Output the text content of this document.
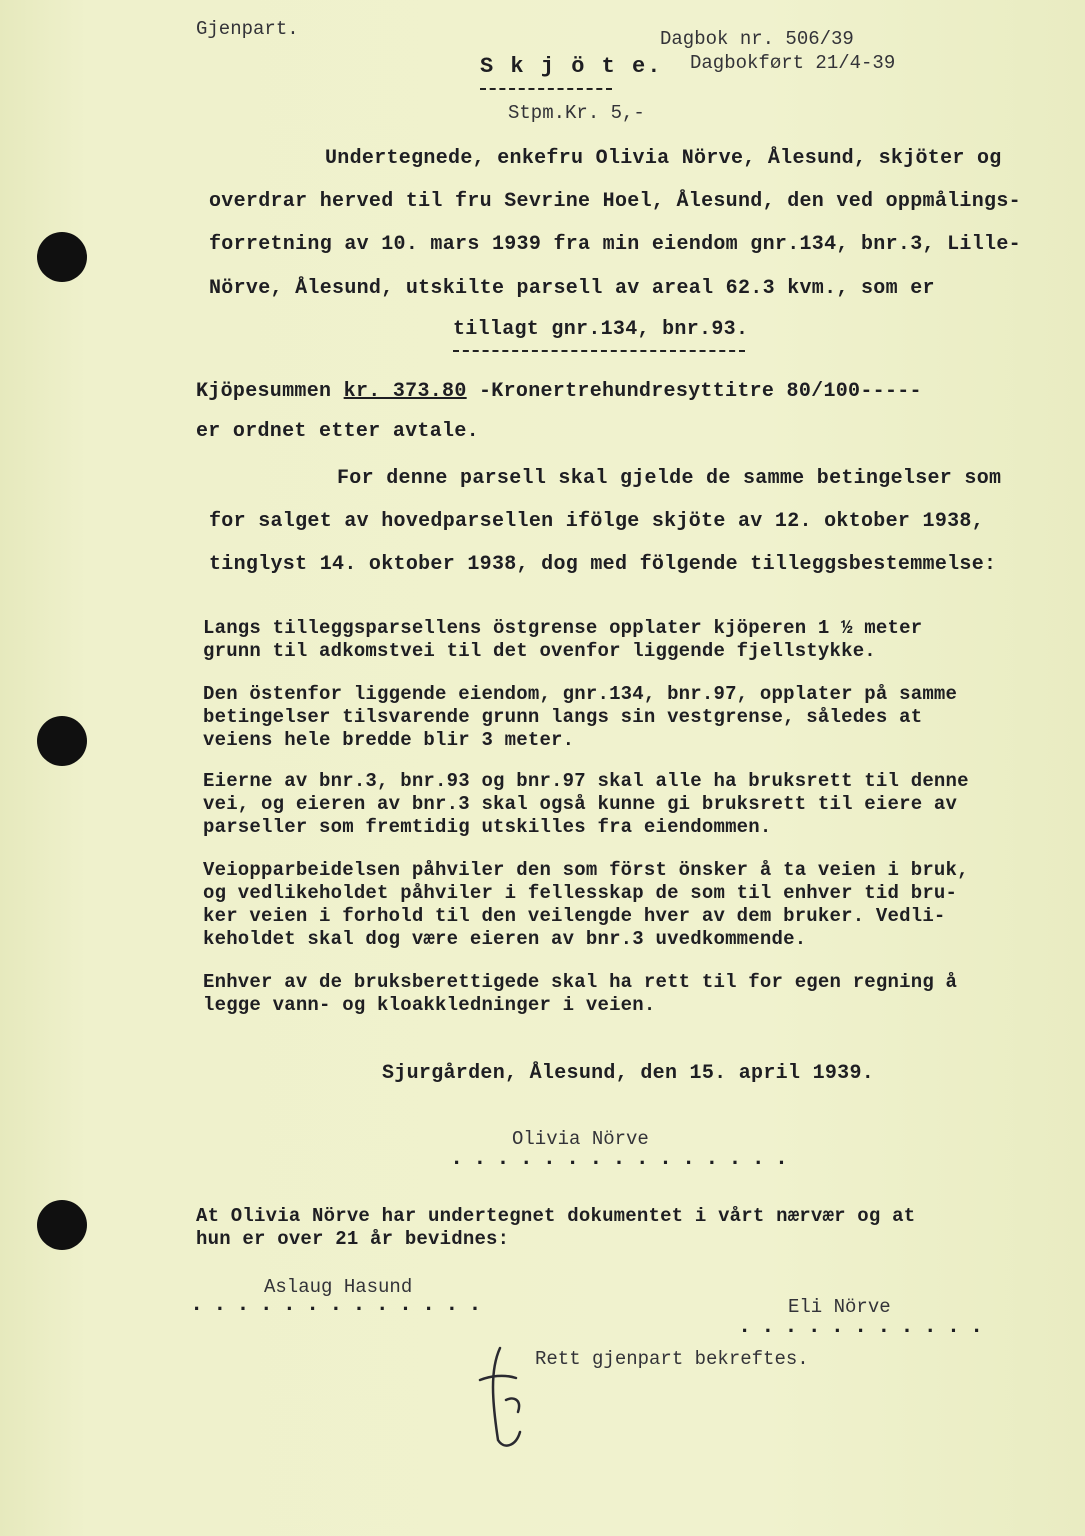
Gjenpart.
S k j ö t e.
Dagbok nr. 506/39
Dagbokført 21/4-39
Stpm.Kr. 5,-
Undertegnede, enkefru Olivia Nörve, Ålesund, skjöter og
overdrar herved til fru Sevrine Hoel, Ålesund, den ved oppmålings-
forretning av 10. mars 1939 fra min eiendom gnr.134, bnr.3, Lille-
Nörve, Ålesund, utskilte parsell av areal 62.3 kvm., som er
tillagt gnr.134, bnr.93.
Kjöpesummen kr. 373.80 -Kronertrehundresyttitre 80/100-----
er ordnet etter avtale.
For denne parsell skal gjelde de samme betingelser som
for salget av hovedparsellen ifölge skjöte av 12. oktober 1938,
tinglyst 14. oktober 1938, dog med fölgende tilleggsbestemmelse:
Langs tilleggsparsellens östgrense opplater kjöperen 1 ½ meter
grunn til adkomstvei til det ovenfor liggende fjellstykke.
Den östenfor liggende eiendom, gnr.134, bnr.97, opplater på samme
betingelser tilsvarende grunn langs sin vestgrense, således at
veiens hele bredde blir 3 meter.
Eierne av bnr.3, bnr.93 og bnr.97 skal alle ha bruksrett til denne
vei, og eieren av bnr.3 skal også kunne gi bruksrett til eiere av
parseller som fremtidig utskilles fra eiendommen.
Veiopparbeidelsen påhviler den som först önsker å ta veien i bruk,
og vedlikeholdet påhviler i fellesskap de som til enhver tid bru-
ker veien i forhold til den veilengde hver av dem bruker. Vedli-
keholdet skal dog være eieren av bnr.3 uvedkommende.
Enhver av de bruksberettigede skal ha rett til for egen regning å
legge vann- og kloakkledninger i veien.
Sjurgården, Ålesund, den 15. april 1939.
Olivia Nörve
...............
At Olivia Nörve har undertegnet dokumentet i vårt nærvær og at
hun er over 21 år bevidnes:
Aslaug Hasund
.............	Eli Nörve
...........
Rett gjenpart bekreftes.
